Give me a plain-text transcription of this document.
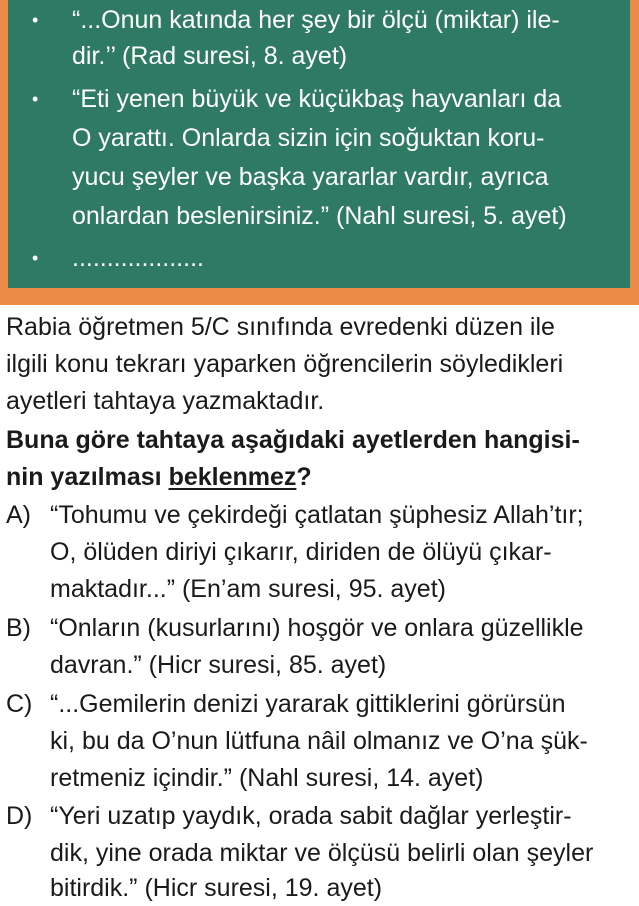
• “...Onun katında her şey bir ölçü (miktar) ile-
dir.’’ (Rad suresi, 8. ayet)
• “Eti yenen büyük ve küçükbaş hayvanları da
O yarattı. Onlarda sizin için soğuktan koru-
yucu şeyler ve başka yararlar vardır, ayrıca
onlardan beslenirsiniz.” (Nahl suresi, 5. ayet)
• ...................
Rabia öğretmen 5/C sınıfında evredenki düzen ile
ilgili konu tekrarı yaparken öğrencilerin söyledikleri
ayetleri tahtaya yazmaktadır.
Buna göre tahtaya aşağıdaki ayetlerden hangisi-
nin yazılması beklenmez?
A) “Tohumu ve çekirdeği çatlatan şüphesiz Allah’tır;
O, ölüden diriyi çıkarır, diriden de ölüyü çıkar-
maktadır...” (En’am suresi, 95. ayet)
B) “Onların (kusurlarını) hoşgör ve onlara güzellikle
davran.” (Hicr suresi, 85. ayet)
C) “...Gemilerin denizi yararak gittiklerini görürsün
ki, bu da O’nun lütfuna nâil olmanız ve O’na şük-
retmeniz içindir.” (Nahl suresi, 14. ayet)
D) “Yeri uzatıp yaydık, orada sabit dağlar yerleştir-
dik, yine orada miktar ve ölçüsü belirli olan şeyler
bitirdik.” (Hicr suresi, 19. ayet)
